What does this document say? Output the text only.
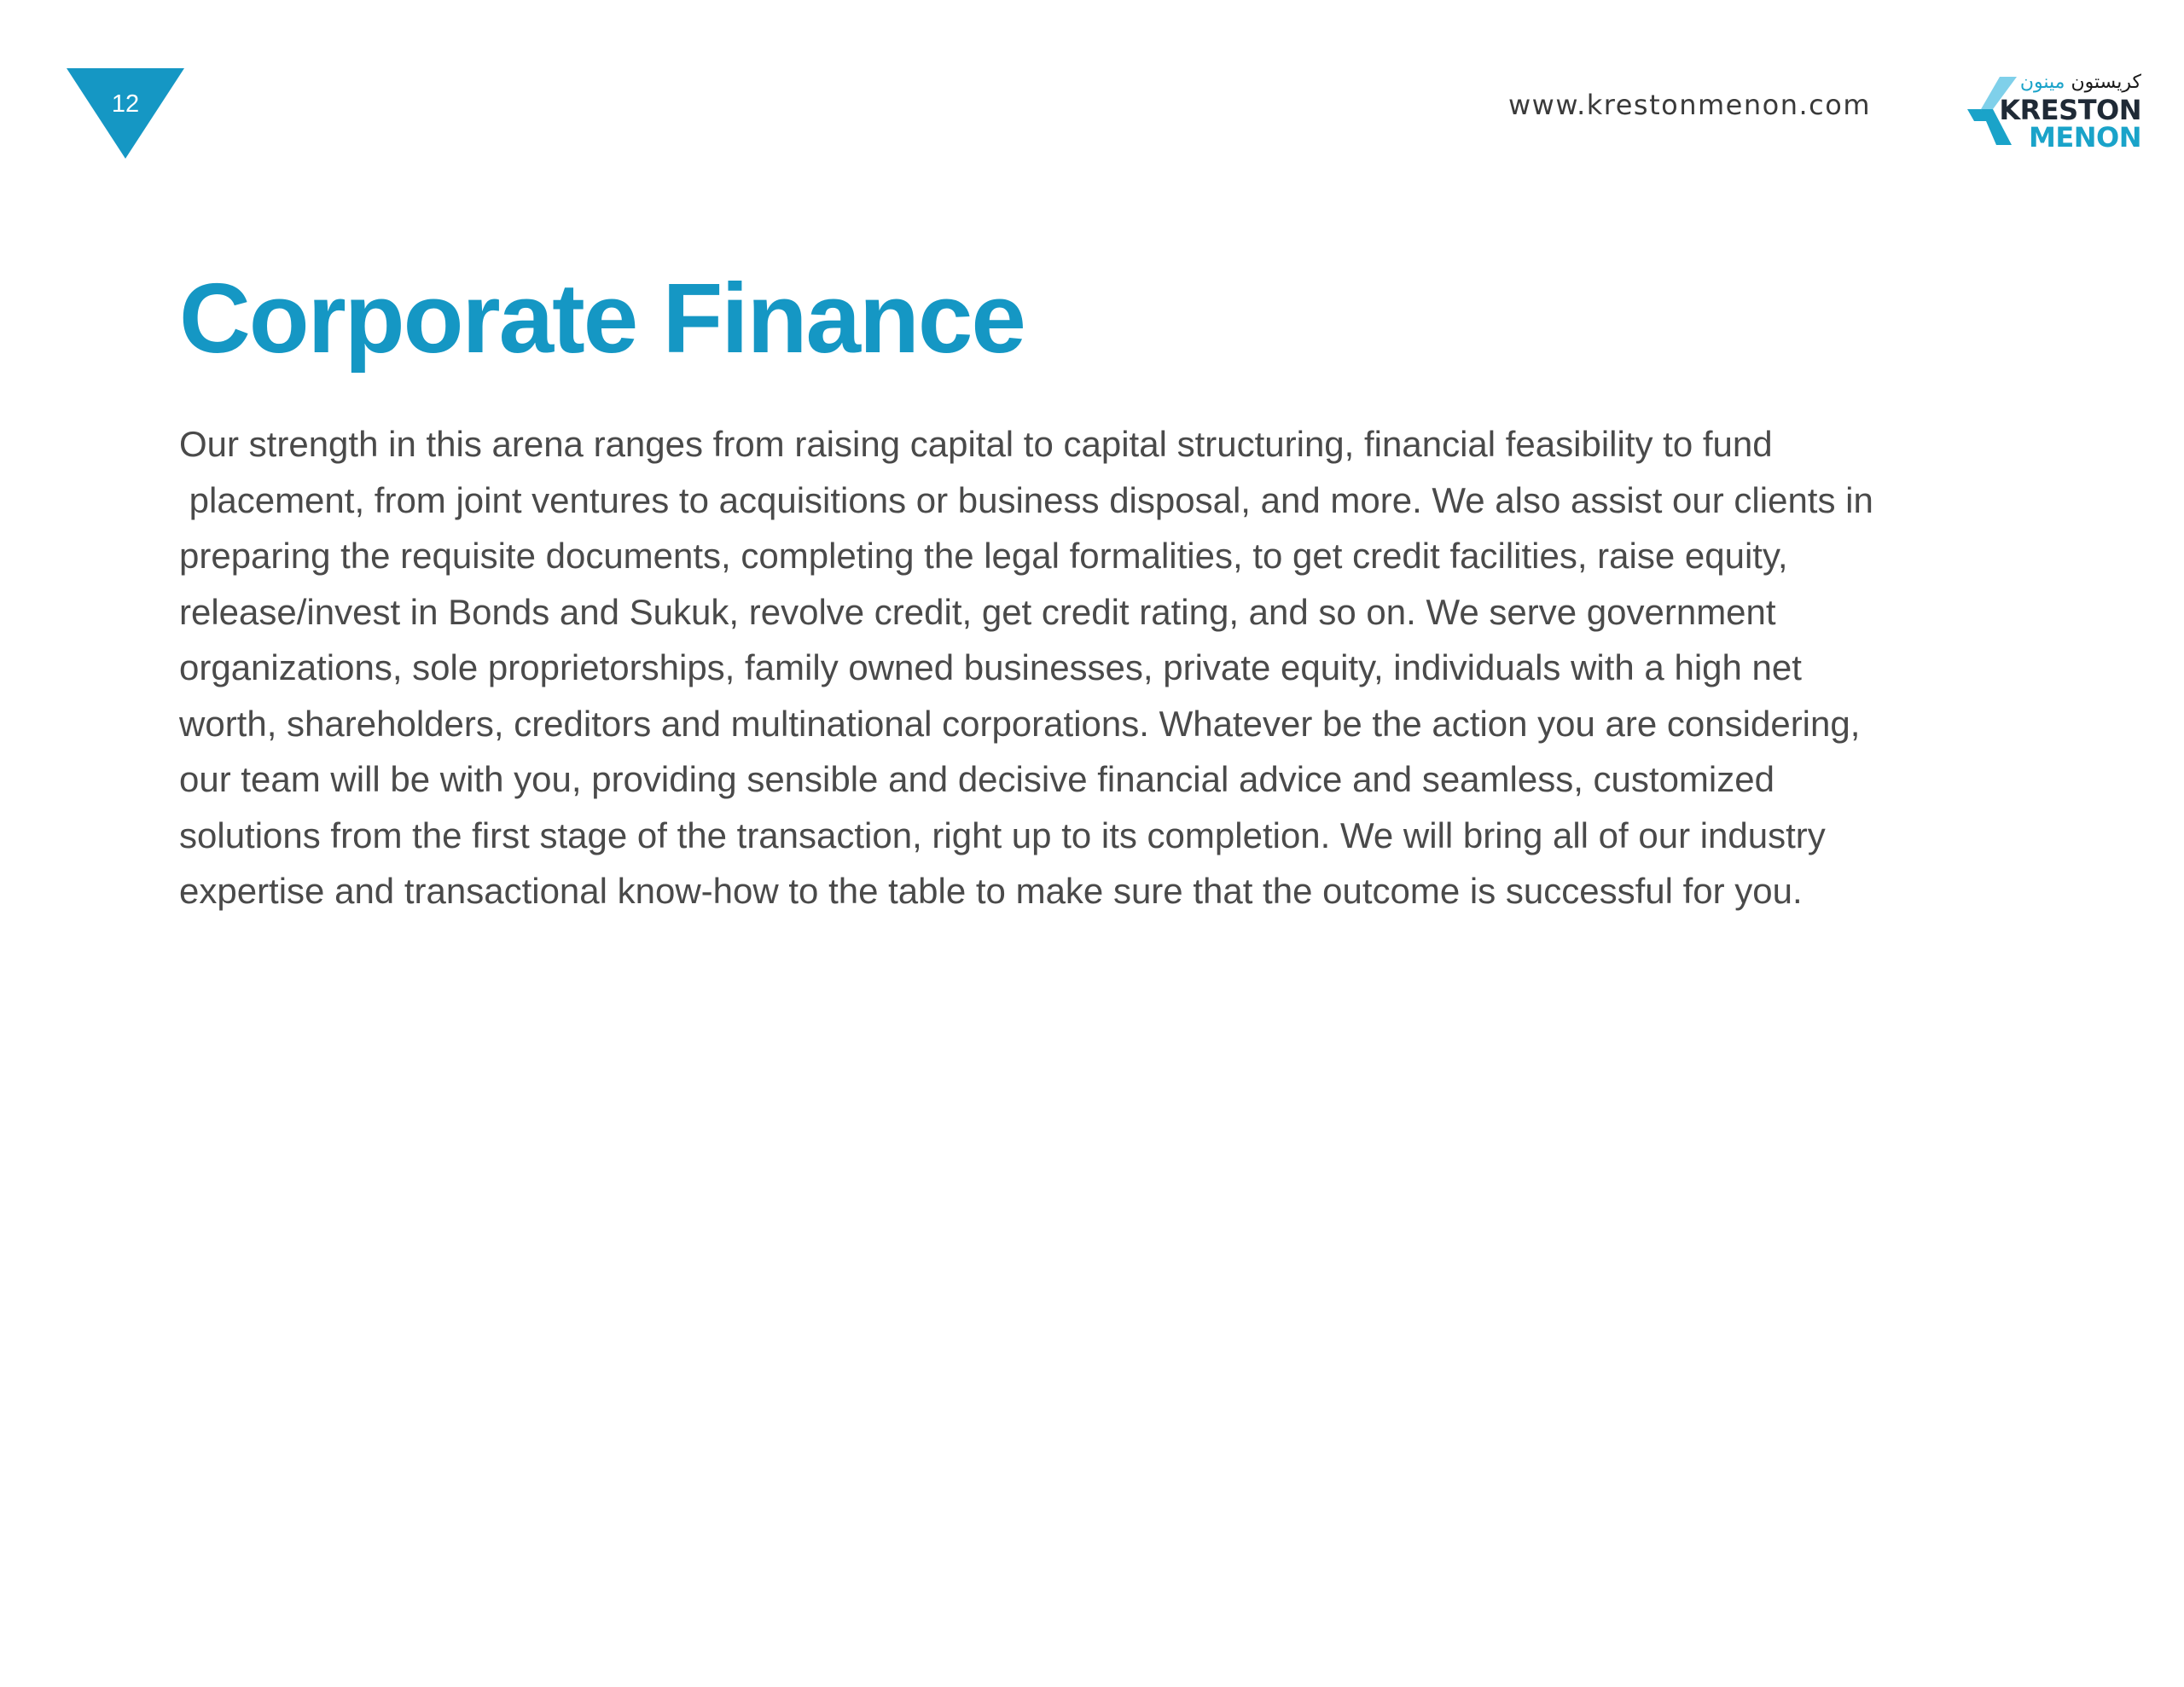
12	www.krestonmenon.com
كريستون مينون
KRESTON
MENON
Corporate Finance
Our strength in this arena ranges from raising capital to capital structuring, financial feasibility to fund
placement, from joint ventures to acquisitions or business disposal, and more. We also assist our clients in
preparing the requisite documents, completing the legal formalities, to get credit facilities, raise equity,
release/invest in Bonds and Sukuk, revolve credit, get credit rating, and so on. We serve government
organizations, sole proprietorships, family owned businesses, private equity, individuals with a high net
worth, shareholders, creditors and multinational corporations. Whatever be the action you are considering,
our team will be with you, providing sensible and decisive financial advice and seamless, customized
solutions from the first stage of the transaction, right up to its completion. We will bring all of our industry
expertise and transactional know-how to the table to make sure that the outcome is successful for you.
